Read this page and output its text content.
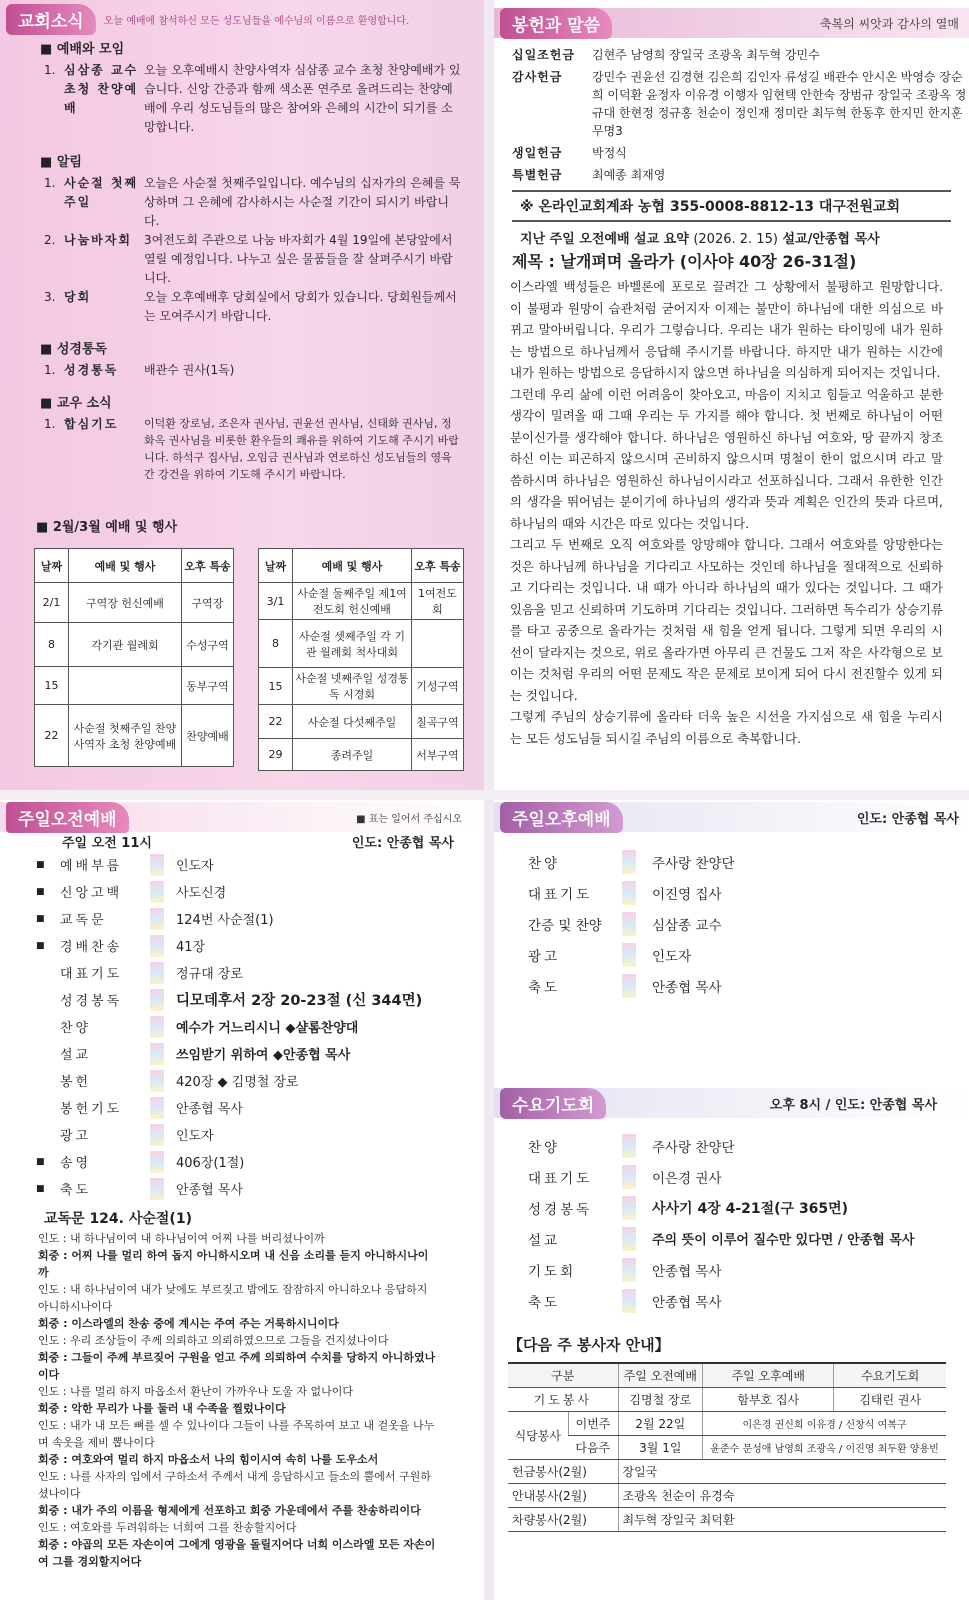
교회소식	오늘 예배에 참석하신 모든 성도님들을 예수님의 이름으로 환영합니다.
■ 예배와 모임
1. 심삼종 교수 초청 찬양예배
오늘 오후예배시 찬양사역자 심삼종 교수 초청 찬양예배가 있습니다. 신앙 간증과 함께 색소폰 연주로 올려드리는 찬양예배에 우리 성도님들의 많은 참여와 은혜의 시간이 되기를 소망합니다.
■ 알림
1. 사순절 첫째주일
오늘은 사순절 첫째주일입니다. 예수님의 십자가의 은혜를 묵상하며 그 은혜에 감사하시는 사순절 기간이 되시기 바랍니다.
2. 나눔바자회	3여전도회 주관으로 나눔 바자회가 4월 19일에 본당앞에서 열릴 예정입니다. 나누고 싶은 물품들을 잘 살펴주시기 바랍니다.
3. 당회	오늘 오후예배후 당회실에서 당회가 있습니다. 당회원들께서는 모여주시기 바랍니다.
■ 성경통독
1. 성경통독	배관수 권사(1독)
■ 교우 소식
1. 합심기도	이덕환 장로님, 조은자 권사님, 권윤선 권사님, 신태화 권사님, 정화옥 권사님을 비롯한 환우들의 쾌유를 위하여 기도해 주시기 바랍니다. 하석구 집사님, 오임금 권사님과 연로하신 성도님들의 영육간 강건을 위하여 기도해 주시기 바랍니다.
■ 2월/3월 예배 및 행사
날짜	예배 및 행사	오후 특송
2/1	구역장 헌신예배	구역장
8	각기관 월례회	수성구역
15		동부구역
22	사순절 첫째주일 찬양사역자 초청 찬양예배	찬양예배
날짜	예배 및 행사	오후 특송
3/1	사순절 둘째주일 제1여전도회 헌신예배	1여전도회
8	사순절 셋째주일 각 기관 월례회 척사대회	
15	사순절 넷째주일 성경통독 시경회	기성구역
22	사순절 다섯째주일	칠곡구역
29	종려주일	서부구역
봉헌과 말씀	축복의 씨앗과 감사의 열매
십일조헌금	김현주 남영희 장일국 조광옥 최두혁 강민수
감사헌금	강민수 권윤선 김경현 김은희 김인자 류성길 배관수 안시온 박영승 장순희 이덕환 윤정자 이유경 이행자 임현택 안한숙 장범규 장일국 조광옥 정규대 한현정 정규홍 천순이 정인재 정미란 최두혁 한동후 한지민 한지훈 무명3
생일헌금	박정식
특별헌금	최예종 최재영
※ 온라인교회계좌 농협 355-0008-8812-13 대구전원교회
지난 주일 오전예배 설교 요약 (2026. 2. 15) 설교/안종협 목사
제목 : 날개펴며 올라가 (이사야 40장 26-31절)

이스라엘 백성들은 바벨론에 포로로 끌려간 그 상황에서 불평하고 원망합니다. 이 불평과 원망이 습관처럼 굳어지자 이제는 불만이 하나님에 대한 의심으로 바뀌고 말아버립니다. 우리가 그렇습니다. 우리는 내가 원하는 타이밍에 내가 원하는 방법으로 하나님께서 응답해 주시기를 바랍니다. 하지만 내가 원하는 시간에 내가 원하는 방법으로 응답하시지 않으면 하나님을 의심하게 되어지는 것입니다.

그런데 우리 삶에 이런 어려움이 찾아오고, 마음이 지치고 힘들고 억울하고 분한 생각이 밀려올 때 그때 우리는 두 가지를 해야 합니다. 첫 번째로 하나님이 어떤 분이신가를 생각해야 합니다. 하나님은 영원하신 하나님 여호와, 땅 끝까지 창조하신 이는 피곤하지 않으시며 곤비하지 않으시며 명철이 한이 없으시며 라고 말씀하시며 하나님은 영원하신 하나님이시라고 선포하십니다. 그래서 유한한 인간의 생각을 뛰어넘는 분이기에 하나님의 생각과 뜻과 계획은 인간의 뜻과 다르며, 하나님의 때와 시간은 따로 있다는 것입니다.

그리고 두 번째로 오직 여호와를 앙망해야 합니다. 그래서 여호와를 앙망한다는 것은 하나님께 하나님을 기다리고 사모하는 것인데 하나님을 절대적으로 신뢰하고 기다리는 것입니다. 내 때가 아니라 하나님의 때가 있다는 것입니다. 그 때가 있음을 믿고 신뢰하며 기도하며 기다리는 것입니다. 그러하면 독수리가 상승기류를 타고 공중으로 올라가는 것처럼 새 힘을 얻게 됩니다. 그렇게 되면 우리의 시선이 달라지는 것으로, 위로 올라가면 아무리 큰 건물도 그저 작은 사각형으로 보이는 것처럼 우리의 어떤 문제도 작은 문제로 보이게 되어 다시 전진할수 있게 되는 것입니다.

그렇게 주님의 상승기류에 올라타 더욱 높은 시선을 가지심으로 새 힘을 누리시는 모든 성도님들 되시길 주님의 이름으로 축복합니다.

주일오전예배	■ 표는 일어서 주십시오
주일 오전 11시	인도: 안종협 목사
■	예배부름	인도자
■	신앙고백	사도신경
■	교독문	124번 사순절(1)
■	경배찬송	41장
대표기도	정규대 장로
성경봉독	디모데후서 2장 20-23절 (신 344면)
찬양	예수가 거느리시니 ◆샬롬찬양대
설교	쓰임받기 위하여 ◆안종협 목사
봉헌	420장 ◆ 김명철 장로
봉헌기도	안종협 목사
광고	인도자
■	송영	406장(1절)
■	축도	안종협 목사
교독문 124. 사순절(1)
인도 : 내 하나님이여 내 하나님이여 어찌 나를 버리셨나이까
회중 : 어찌 나를 멀리 하여 돕지 아니하시오며 내 신음 소리를 듣지 아니하시나이까
인도 : 내 하나님이여 내가 낮에도 부르짖고 밤에도 잠잠하지 아니하오나 응답하지 아니하시나이다
회중 : 이스라엘의 찬송 중에 계시는 주여 주는 거룩하시니이다
인도 : 우리 조상들이 주께 의뢰하고 의뢰하였으므로 그들을 건지셨나이다
회중 : 그들이 주께 부르짖어 구원을 얻고 주께 의뢰하여 수치를 당하지 아니하였나이다
인도 : 나를 멀리 하지 마옵소서 환난이 가까우나 도울 자 없나이다
회중 : 악한 무리가 나를 둘러 내 수족을 찔렀나이다
인도 : 내가 내 모든 뼈를 셀 수 있나이다 그들이 나를 주목하여 보고 내 겉옷을 나누며 속옷을 제비 뽑나이다
회중 : 여호와여 멀리 하지 마옵소서 나의 힘이시여 속히 나를 도우소서
인도 : 나를 사자의 입에서 구하소서 주께서 내게 응답하시고 들소의 뿔에서 구원하셨나이다
회중 : 내가 주의 이름을 형제에게 선포하고 회중 가운데에서 주를 찬송하리이다
인도 : 여호와를 두려워하는 너희여 그를 찬송할지어다
회중 : 야곱의 모든 자손이여 그에게 영광을 돌릴지어다 너희 이스라엘 모든 자손이여 그를 경외할지어다
주일오후예배	인도: 안종협 목사
찬양	주사랑 찬양단
대표기도	이진영 집사
간증 및 찬양	심삼종 교수
광고	인도자
축도	안종협 목사
수요기도회	오후 8시 / 인도: 안종협 목사
찬양	주사랑 찬양단
대표기도	이은경 권사
성경봉독	사사기 4장 4-21절(구 365면)
설교	주의 뜻이 이루어 질수만 있다면 / 안종협 목사
기도회	안종협 목사
축도	안종협 목사
【다음 주 봉사자 안내】
구분		주일 오전예배	주일 오후예배	수요기도회
기도봉사		김명철 장로	함부호 집사	김태린 권사
식당봉사	이번주	2월 22일	이은경 권신희 이유경 / 신창식 여복구	
	다음주	3월 1일	윤준수 문성애 남영희 조광옥 / 이진영 최두환 양용빈	
헌금봉사(2월)		장일국		
안내봉사(2월)		조광옥 천순이 유경숙		
차량봉사(2월)		최두혁 장일국 최덕환		
